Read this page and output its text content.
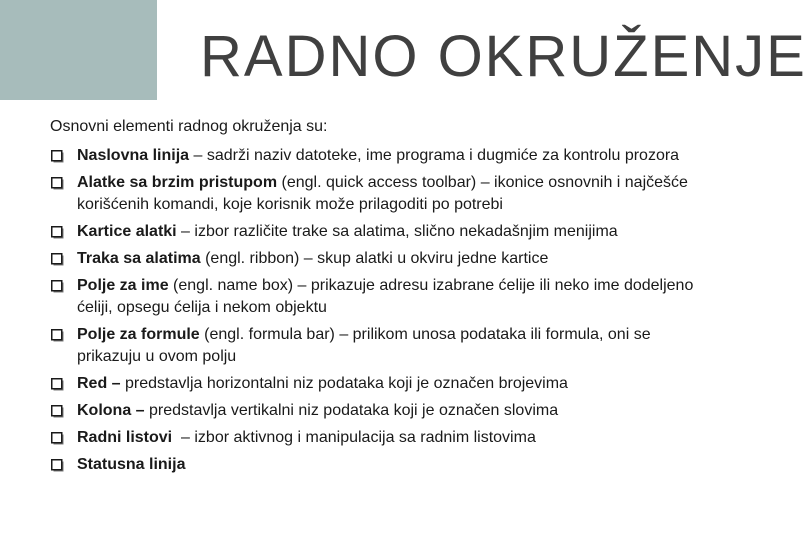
RADNO OKRUŽENJE

Osnovni elementi radnog okruženja su:

Naslovna linija – sadrži naziv datoteke, ime programa i dugmiće za kontrolu prozora
Alatke sa brzim pristupom (engl. quick access toolbar) – ikonice osnovnih i najčešće korišćenih komandi, koje korisnik može prilagoditi po potrebi
Kartice alatki – izbor različite trake sa alatima, slično nekadašnjim menijima
Traka sa alatima (engl. ribbon) – skup alatki u okviru jedne kartice
Polje za ime (engl. name box) – prikazuje adresu izabrane ćelije ili neko ime dodeljeno ćeliji, opsegu ćelija i nekom objektu
Polje za formule (engl. formula bar) – prilikom unosa podataka ili formula, oni se prikazuju u ovom polju
Red – predstavlja horizontalni niz podataka koji je označen brojevima
Kolona – predstavlja vertikalni niz podataka koji je označen slovima
Radni listovi  – izbor aktivnog i manipulacija sa radnim listovima
Statusna linija
